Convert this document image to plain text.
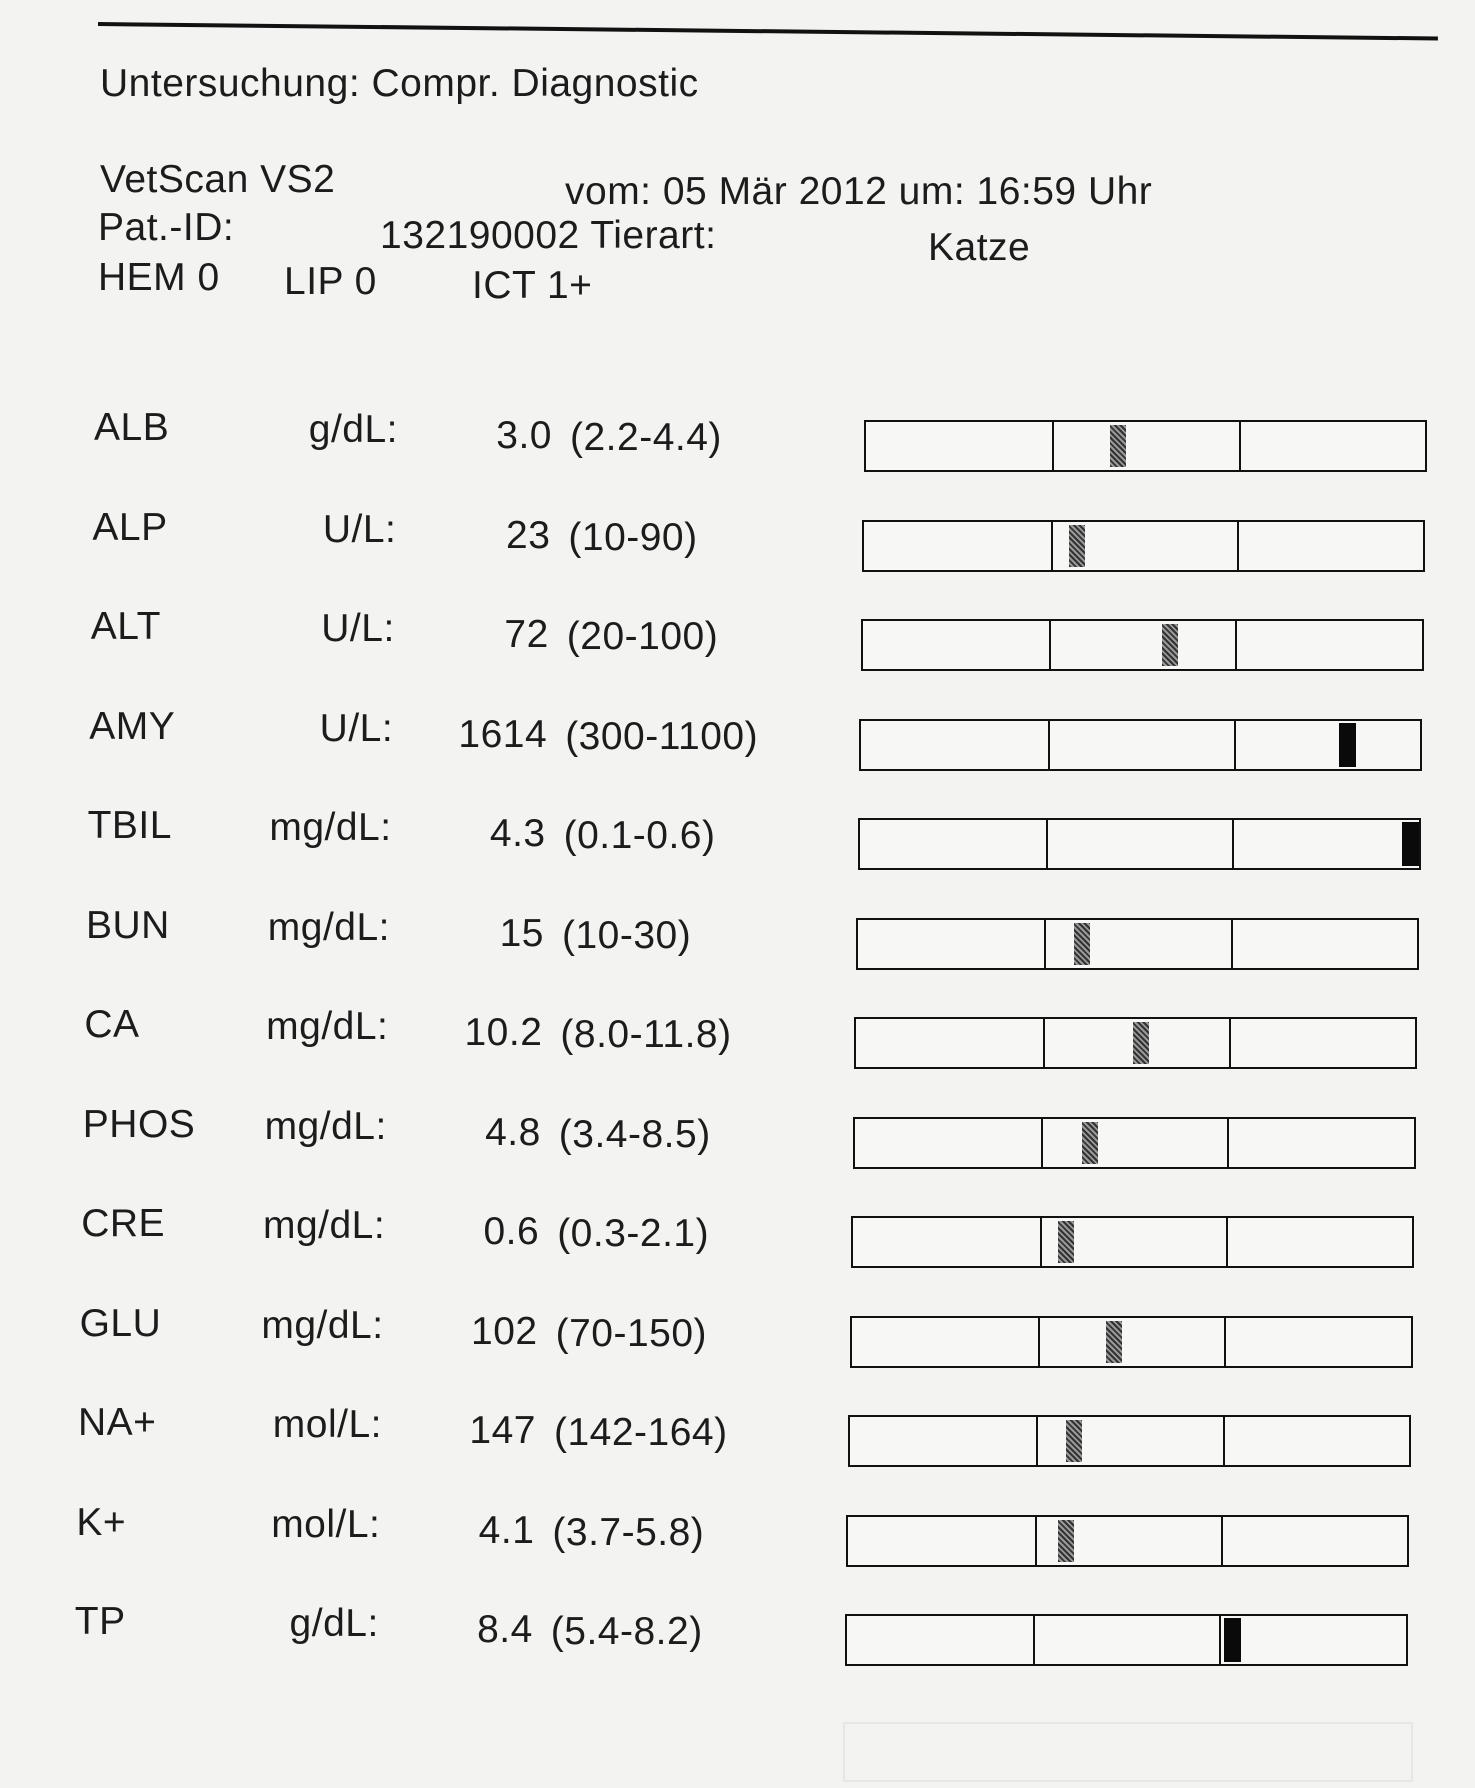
Untersuchung: Compr. Diagnostic
VetScan VS2	vom: 05 Mär 2012 um: 16:59 Uhr
Pat.-ID:	132190002 Tierart:	Katze
HEM 0 LIP 0 ICT 1+
ALB	g/dL:	3.0 (2.2-4.4)
ALP	U/L:	23 (10-90)
ALT	U/L:	72 (20-100)
AMY	U/L: 1614 (300-1100)
TBIL	mg/dL:	4.3 (0.1-0.6)
BUN	mg/dL:	15 (10-30)
CA	mg/dL:	10.2 (8.0-11.8)
PHOS	mg/dL:	4.8 (3.4-8.5)
CRE	mg/dL:	0.6 (0.3-2.1)
GLU	mg/dL:	102 (70-150)
NA+	mol/L:	147 (142-164)
K+	mol/L:	4.1 (3.7-5.8)
TP	g/dL:	8.4 (5.4-8.2)
